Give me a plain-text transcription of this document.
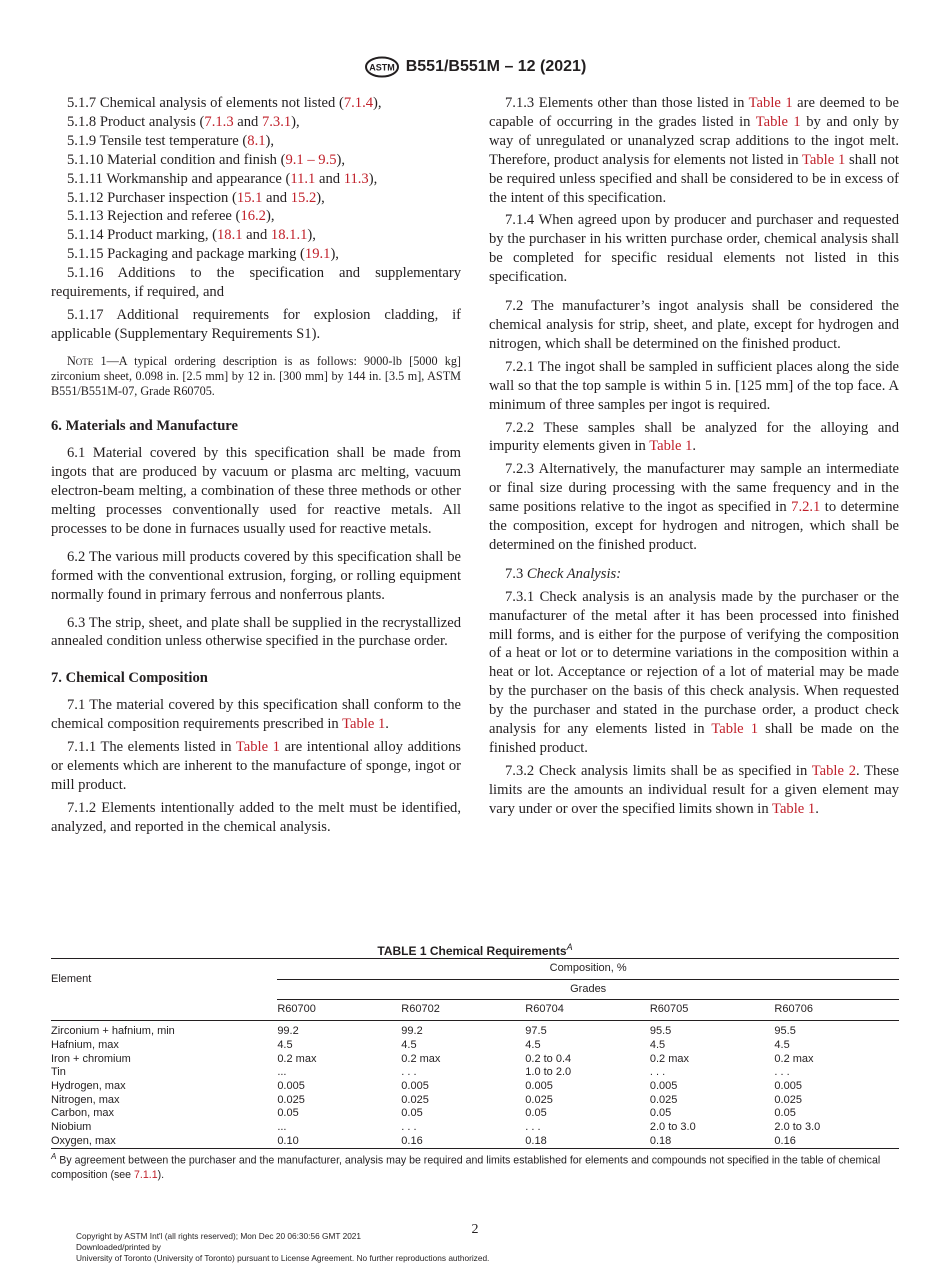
ASTM B551/B551M – 12 (2021)

5.1.7 Chemical analysis of elements not listed (7.1.4),

5.1.8 Product analysis (7.1.3 and 7.3.1),

5.1.9 Tensile test temperature (8.1),

5.1.10 Material condition and finish (9.1 – 9.5),

5.1.11 Workmanship and appearance (11.1 and 11.3),

5.1.12 Purchaser inspection (15.1 and 15.2),

5.1.13 Rejection and referee (16.2),

5.1.14 Product marking, (18.1 and 18.1.1),

5.1.15 Packaging and package marking (19.1),

5.1.16 Additions to the specification and supplementary requirements, if required, and

5.1.17 Additional requirements for explosion cladding, if applicable (Supplementary Requirements S1).

Note 1—A typical ordering description is as follows: 9000-lb [5000 kg] zirconium sheet, 0.098 in. [2.5 mm] by 12 in. [300 mm] by 144 in. [3.5 m], ASTM B551/B551M-07, Grade R60705.

6. Materials and Manufacture

6.1 Material covered by this specification shall be made from ingots that are produced by vacuum or plasma arc melting, vacuum electron-beam melting, a combination of these three methods or other melting processes conventionally used for reactive metals. All processes to be done in furnaces usually used for reactive metals.

6.2 The various mill products covered by this specification shall be formed with the conventional extrusion, forging, or rolling equipment normally found in primary ferrous and nonferrous plants.

6.3 The strip, sheet, and plate shall be supplied in the recrystallized annealed condition unless otherwise specified in the purchase order.

7. Chemical Composition

7.1 The material covered by this specification shall conform to the chemical composition requirements prescribed in Table 1.

7.1.1 The elements listed in Table 1 are intentional alloy additions or elements which are inherent to the manufacture of sponge, ingot or mill product.

7.1.2 Elements intentionally added to the melt must be identified, analyzed, and reported in the chemical analysis.

7.1.3 Elements other than those listed in Table 1 are deemed to be capable of occurring in the grades listed in Table 1 by and only by way of unregulated or unanalyzed scrap additions to the ingot melt. Therefore, product analysis for elements not listed in Table 1 shall not be required unless specified and shall be considered to be in excess of the intent of this specification.

7.1.4 When agreed upon by producer and purchaser and requested by the purchaser in his written purchase order, chemical analysis shall be completed for specific residual elements not listed in this specification.

7.2 The manufacturer’s ingot analysis shall be considered the chemical analysis for strip, sheet, and plate, except for hydrogen and nitrogen, which shall be determined on the finished product.

7.2.1 The ingot shall be sampled in sufficient places along the side wall so that the top sample is within 5 in. [125 mm] of the top face. A minimum of three samples per ingot is required.

7.2.2 These samples shall be analyzed for the alloying and impurity elements given in Table 1.

7.2.3 Alternatively, the manufacturer may sample an intermediate or final size during processing with the same frequency and in the same positions relative to the ingot as specified in 7.2.1 to determine the composition, except for hydrogen and nitrogen, which shall be determined on the finished product.

7.3 Check Analysis:

7.3.1 Check analysis is an analysis made by the purchaser or the manufacturer of the metal after it has been processed into finished mill forms, and is either for the purpose of verifying the composition of a heat or lot or to determine variations in the composition within a heat or lot. Acceptance or rejection of a lot of material may be made by the purchaser on the basis of this check analysis. When requested by the purchaser and stated in the purchase order, a product check analysis for any elements listed in Table 1 shall be made on the finished product.

7.3.2 Check analysis limits shall be as specified in Table 2. These limits are the amounts an individual result for a given element may vary under or over the specified limits shown in Table 1.

TABLE 1 Chemical Requirements$^A$
Element	Composition, %				
	Grades				
	R60700	R60702	R60704	R60705	R60706
Zirconium + hafnium, min	99.2	99.2	97.5	95.5	95.5
Hafnium, max	4.5	4.5	4.5	4.5	4.5
Iron + chromium	0.2 max	0.2 max	0.2 to 0.4	0.2 max	0.2 max
Tin	...	. . .	1.0 to 2.0	. . .	. . .
Hydrogen, max	0.005	0.005	0.005	0.005	0.005
Nitrogen, max	0.025	0.025	0.025	0.025	0.025
Carbon, max	0.05	0.05	0.05	0.05	0.05
Niobium	...	. . .	. . .	2.0 to 3.0	2.0 to 3.0
Oxygen, max	0.10	0.16	0.18	0.18	0.16
$^A$ By agreement between the purchaser and the manufacturer, analysis may be required and limits established for elements and compounds not specified in the table of chemical composition (see 7.1.1).
2
Copyright by ASTM Int'l (all rights reserved); Mon Dec 20 06:30:56 GMT 2021
Downloaded/printed by
University of Toronto (University of Toronto) pursuant to License Agreement. No further reproductions authorized.
